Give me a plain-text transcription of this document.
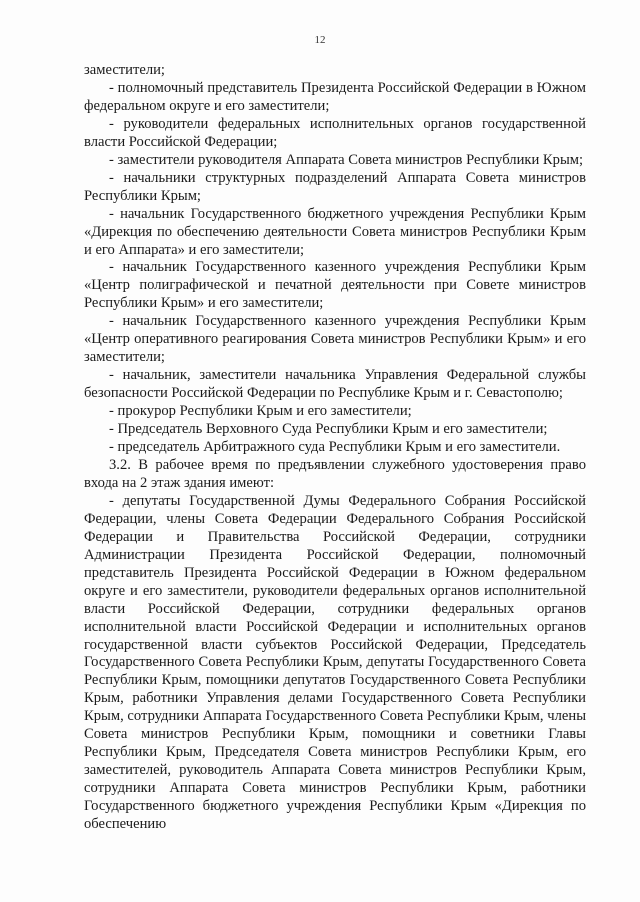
12

заместители;

- полномочный представитель Президента Российской Федерации в Южном федеральном округе и его заместители;

- руководители федеральных исполнительных органов государственной власти Российской Федерации;

- заместители руководителя Аппарата Совета министров Республики Крым;

- начальники структурных подразделений Аппарата Совета министров Республики Крым;

- начальник Государственного бюджетного учреждения Республики Крым «Дирекция по обеспечению деятельности Совета министров Республики Крым и его Аппарата» и его заместители;

- начальник Государственного казенного учреждения Республики Крым «Центр полиграфической и печатной деятельности при Совете министров Республики Крым» и его заместители;

- начальник Государственного казенного учреждения Республики Крым «Центр оперативного реагирования Совета министров Республики Крым» и его заместители;

- начальник, заместители начальника Управления Федеральной службы безопасности Российской Федерации по Республике Крым и г. Севастополю;

- прокурор Республики Крым и его заместители;

- Председатель Верховного Суда Республики Крым и его заместители;

- председатель Арбитражного суда Республики Крым и его заместители.

3.2. В рабочее время по предъявлении служебного удостоверения право входа на 2 этаж здания имеют:

- депутаты Государственной Думы Федерального Собрания Российской Федерации, члены Совета Федерации Федерального Собрания Российской Федерации и Правительства Российской Федерации, сотрудники Администрации Президента Российской Федерации, полномочный представитель Президента Российской Федерации в Южном федеральном округе и его заместители, руководители федеральных органов исполнительной власти Российской Федерации, сотрудники федеральных органов исполнительной власти Российской Федерации и исполнительных органов государственной власти субъектов Российской Федерации, Председатель Государственного Совета Республики Крым, депутаты Государственного Совета Республики Крым, помощники депутатов Государственного Совета Республики Крым, работники Управления делами Государственного Совета Республики Крым, сотрудники Аппарата Государственного Совета Республики Крым, члены Совета министров Республики Крым, помощники и советники Главы Республики Крым, Председателя Совета министров Республики Крым, его заместителей, руководитель Аппарата Совета министров Республики Крым, сотрудники Аппарата Совета министров Республики Крым, работники Государственного бюджетного учреждения Республики Крым «Дирекция по обеспечению
